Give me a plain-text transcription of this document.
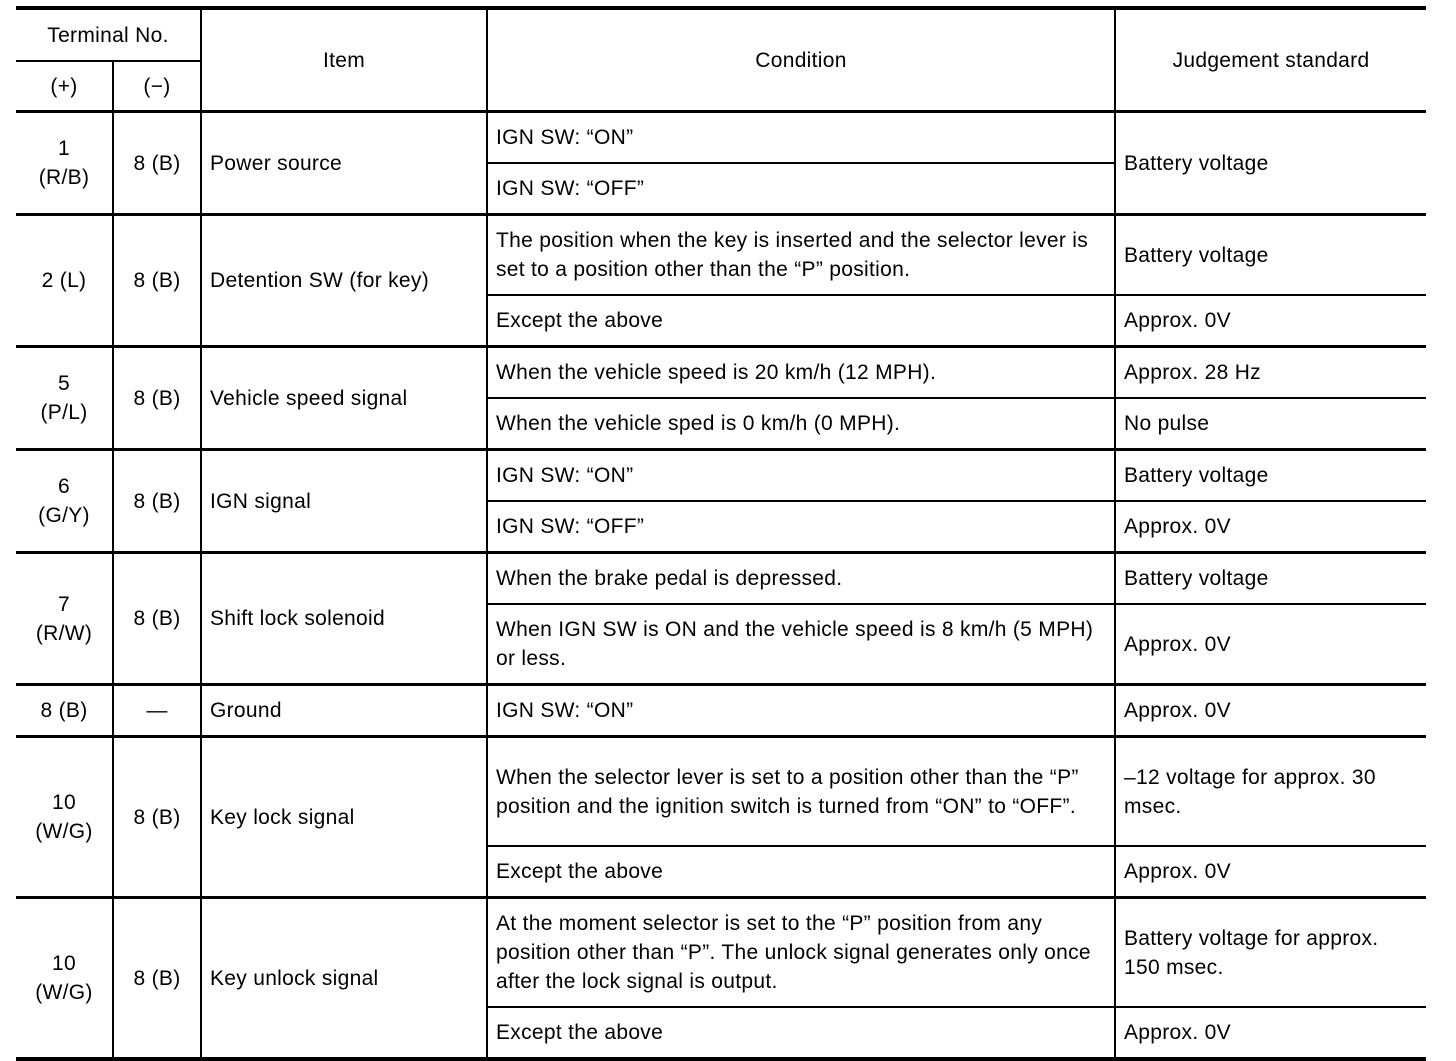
Terminal No.		Item	Condition	Judgement standard
(+)	(−)			

1
(R/B)	8 (B)	Power source	IGN SW: “ON”	Battery voltage
			IGN SW: “OFF”	
2 (L)	8 (B)	Detention SW (for key)	The position when the key is inserted and the selector lever is set to a position other than the “P” position.	Battery voltage
			Except the above	Approx. 0V

5
(P/L)	8 (B)	Vehicle speed signal	When the vehicle speed is 20 km/h (12 MPH).	Approx. 28 Hz
			When the vehicle sped is 0 km/h (0 MPH).	No pulse

6
(G/Y)	8 (B)	IGN signal	IGN SW: “ON”	Battery voltage
			IGN SW: “OFF”	Approx. 0V

7
(R/W)	8 (B)	Shift lock solenoid	When the brake pedal is depressed.	Battery voltage
			When IGN SW is ON and the vehicle speed is 8 km/h (5 MPH) or less.	Approx. 0V
8 (B)	—	Ground	IGN SW: “ON”	Approx. 0V

10
(W/G)	8 (B)	Key lock signal	When the selector lever is set to a position other than the “P” position and the ignition switch is turned from “ON” to “OFF”.	–12 voltage for approx. 30 msec.
			Except the above	Approx. 0V

10
(W/G)	8 (B)	Key unlock signal	At the moment selector is set to the “P” position from any position other than “P”. The unlock signal generates only once after the lock signal is output.	Battery voltage for approx. 150 msec.
			Except the above	Approx. 0V
